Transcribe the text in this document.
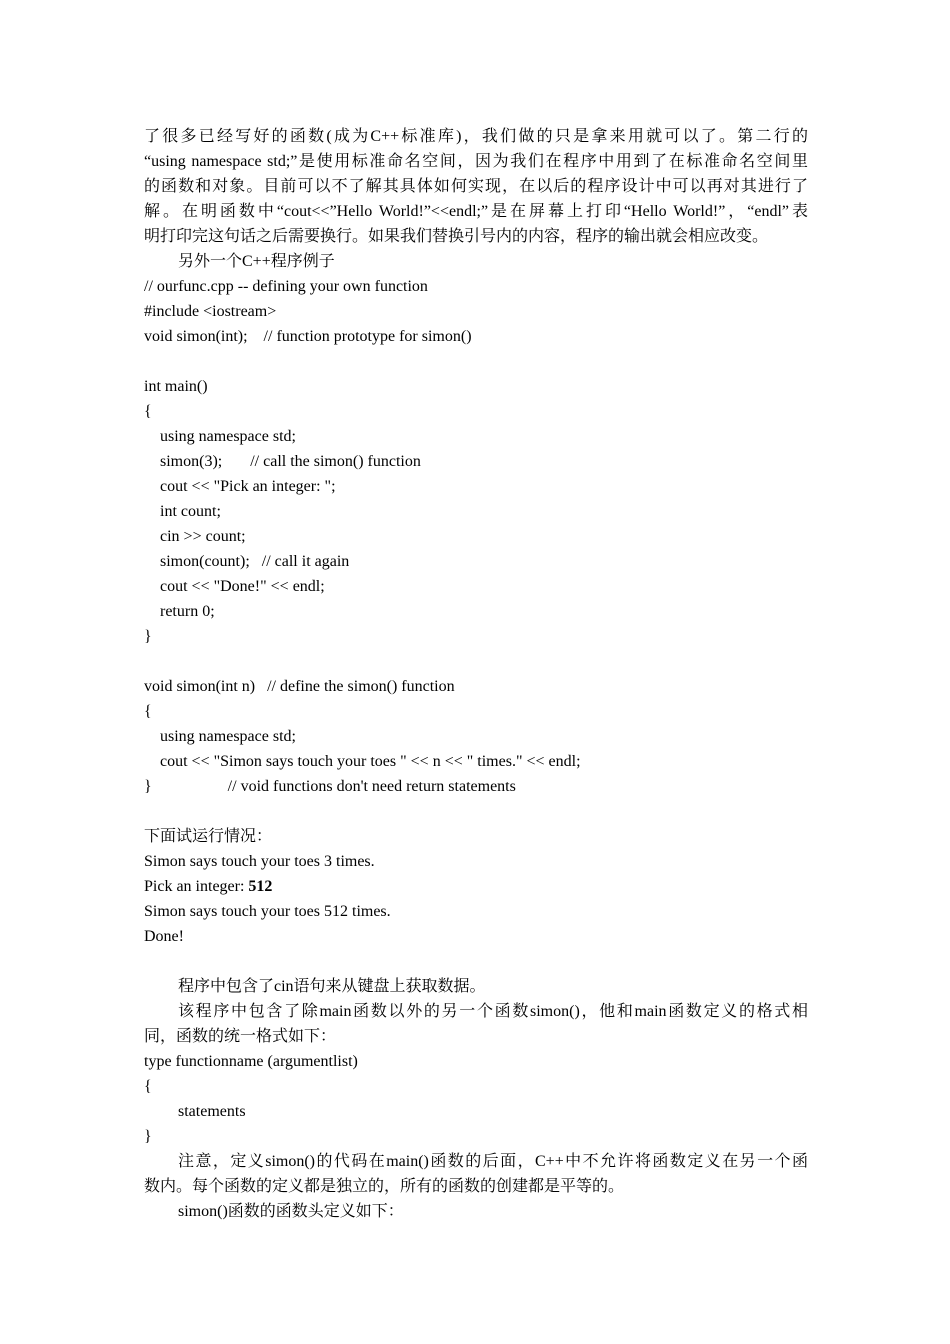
了很多已经写好的函数(成为C++标准库)，我们做的只是拿来用就可以了。第二行的
“using namespace std;”是使用标准命名空间，因为我们在程序中用到了在标准命名空间里
的函数和对象。目前可以不了解其具体如何实现，在以后的程序设计中可以再对其进行了
解。在明函数中“cout<<”Hello World!”<<endl;”是在屏幕上打印“Hello World!”，“endl”表
明打印完这句话之后需要换行。如果我们替换引号内的内容，程序的输出就会相应改变。
另外一个C++程序例子
// ourfunc.cpp -- defining your own function
#include <iostream>
void simon(int);    // function prototype for simon()
int main()
{
using namespace std;
simon(3);       // call the simon() function
cout << "Pick an integer: ";
int count;
cin >> count;
simon(count);   // call it again
cout << "Done!" << endl;
return 0;
}
void simon(int n)   // define the simon() function
{
using namespace std;
cout << "Simon says touch your toes " << n << " times." << endl;
}                   // void functions don't need return statements
下面试运行情况：
Simon says touch your toes 3 times.
Pick an integer: 512
Simon says touch your toes 512 times.
Done!
程序中包含了cin语句来从键盘上获取数据。
该程序中包含了除main函数以外的另一个函数simon()，他和main函数定义的格式相
同，函数的统一格式如下：
type functionname (argumentlist)
{
statements
}
注意，定义simon()的代码在main()函数的后面，C++中不允许将函数定义在另一个函
数内。每个函数的定义都是独立的，所有的函数的创建都是平等的。
simon()函数的函数头定义如下：
